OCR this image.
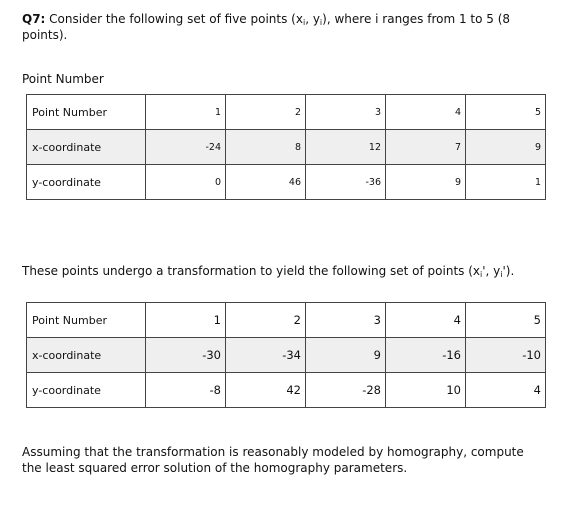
Q7: Consider the following set of five points ($x_i$, $y_i$), where i ranges from 1 to 5 (8 points).
Point Number
Point Number	1	2	3	4	5
x-coordinate	-24	8	12	7	9
y-coordinate	0	46	-36	9	1
These points undergo a transformation to yield the following set of points ($x_i'$, $y_i'$).
Point Number	1	2	3	4	5
x-coordinate	-30	-34	9	-16	-10
y-coordinate	-8	42	-28	10	4
Assuming that the transformation is reasonably modeled by homography, compute the least squared error solution of the homography parameters.
